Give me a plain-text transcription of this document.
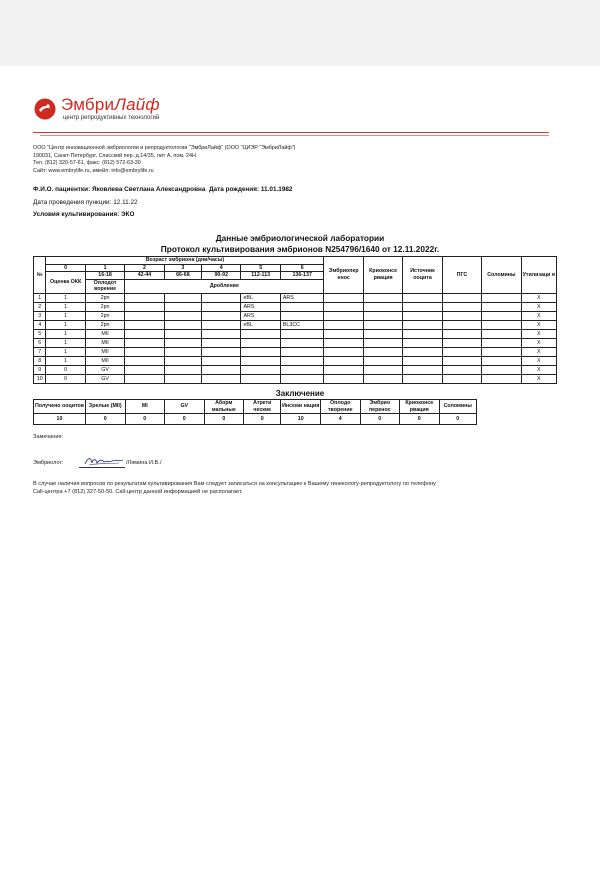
ЭмбриЛайф
центр репродуктивных технологий
ООО "Центр инновационной эмбриологии и репродуктологии "ЭмбриЛайф" (ООО "ЦИЭР "ЭмбриЛайф")
190031, Санкт-Петербург, Спасский пер. д.14/35, лит А, пом. 24Н
Тел. (812) 320-57-61, факс: (812) 572-63-30
Сайт: www.embrylife.ru, имейл: info@embrylife.ru
Ф.И.О. пациентки: Яковлева Светлана Александровна Дата рождения: 11.01.1982
Дата проведения пункции: 12.11.22
Условия культивирования: ЭКО
Данные эмбриологической лаборатории
Протокол культивирования эмбрионов N254796/1640 от 12.11.2022г.
№	Возраст эмбриона (дни/часы)							Эмбриопер енос	Криоконсе рвация	Источник ооцита	ПГС	Соломины	Утилизаци я
	0	1	2	3	4	5	6						
	Оценка ОКК	16-18	42-44	66-68	90-92	112-113	136-137						
		Оплодот ворение	Дробление										
1	1	2pn				eBL	ARS						X
2	1	2pn				ARS							X
3	1	2pn				ARS							X
4	1	2pn				eBL	BL3CC						X
5	1	MII											X
6	1	MII											X
7	1	MII											X
8	1	MII											X
9	0	GV											X
10	0	GV											X
Заключение
Получено ооцитов	Зрелые (MII)	MI	GV	Аборм мальные	Атрети ческие	Инсеми нация	Оплодо творение	Эмбрио перенос	Криоконсе рвация	Соломины
10	0	0	0	0	0	10	4	0	0	0
Замечания:
Эмбриолог:	/Лямина И.В./
В случае наличия вопросов по результатам культивирования Вам следует записаться на консультацию к Вашему гинекологу-репродуктологу по телефону
Call-центра +7 (812) 327-50-50. Call-центр данной информацией не располагает.
